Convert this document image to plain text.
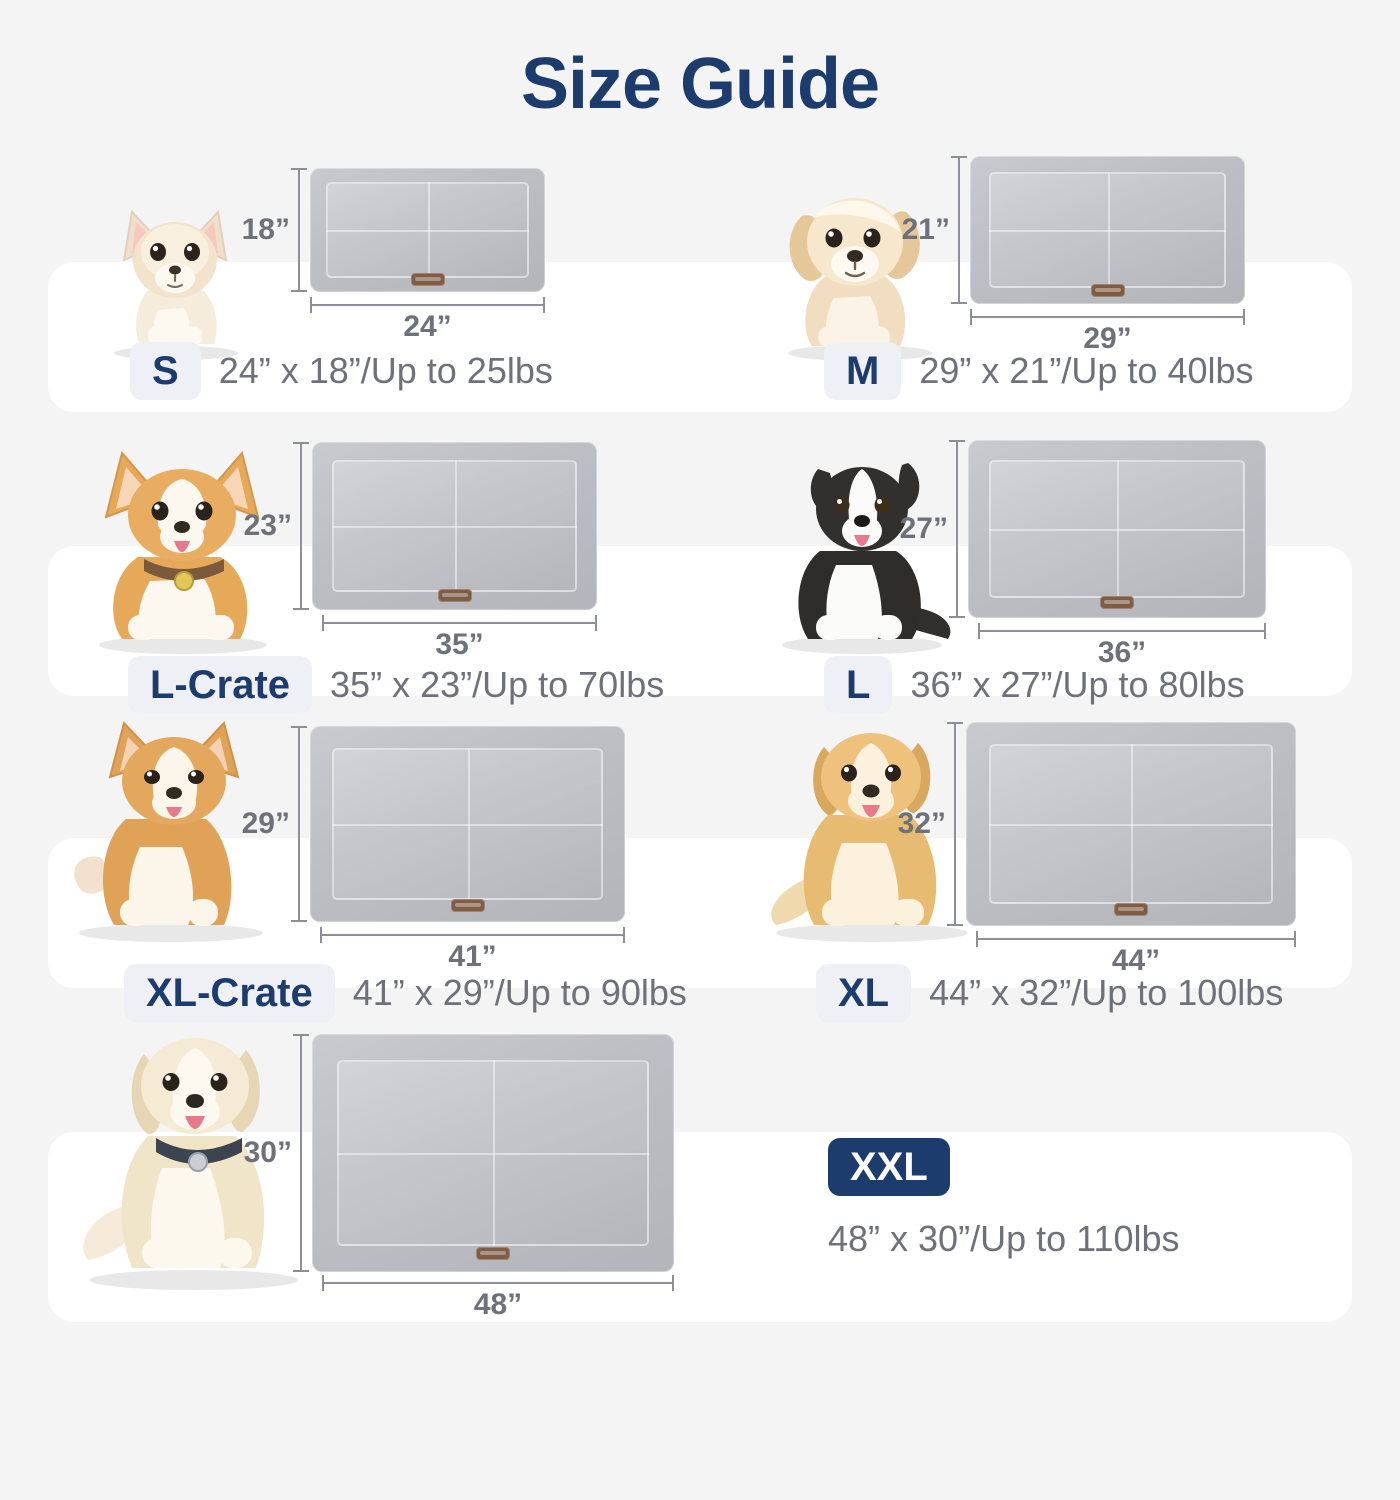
Size Guide
18”
24”
S	24” x 18”/Up to 25lbs
21”
29”
M	29” x 21”/Up to 40lbs
23”
35”
L-Crate	35” x 23”/Up to 70lbs
27”
36”
L	36” x 27”/Up to 80lbs
29”
41”
XL-Crate	41” x 29”/Up to 90lbs
32”
44”
XL	44” x 32”/Up to 100lbs
30”
48”
XXL
48” x 30”/Up to 110lbs
